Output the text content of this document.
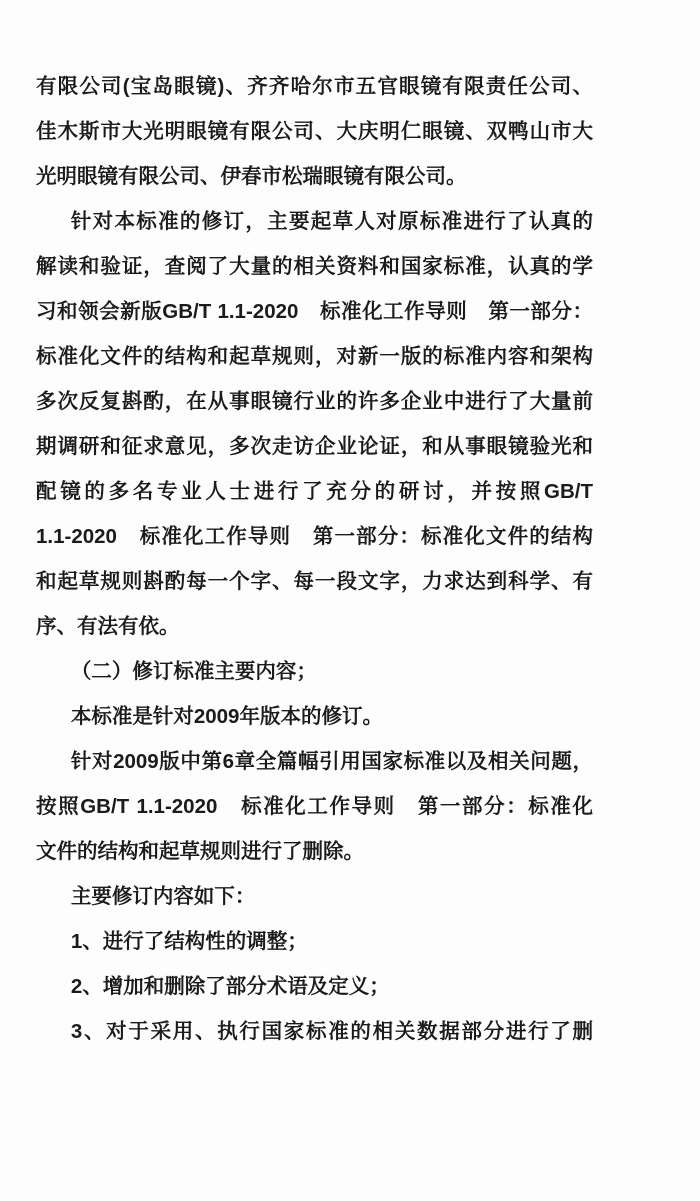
有限公司(宝岛眼镜)、齐齐哈尔市五官眼镜有限责任公司、
佳木斯市大光明眼镜有限公司、大庆明仁眼镜、双鸭山市大
光明眼镜有限公司、伊春市松瑞眼镜有限公司。
针对本标准的修订，主要起草人对原标准进行了认真的
解读和验证，查阅了大量的相关资料和国家标准，认真的学
习和领会新版GB/T 1.1-2020　标准化工作导则　第一部分：
标准化文件的结构和起草规则，对新一版的标准内容和架构
多次反复斟酌，在从事眼镜行业的许多企业中进行了大量前
期调研和征求意见，多次走访企业论证，和从事眼镜验光和
配镜的多名专业人士进行了充分的研讨，并按照GB/T
1.1-2020　标准化工作导则　第一部分：标准化文件的结构
和起草规则斟酌每一个字、每一段文字，力求达到科学、有
序、有法有依。
（二）修订标准主要内容；
本标准是针对2009年版本的修订。
针对2009版中第6章全篇幅引用国家标准以及相关问题，
按照GB/T 1.1-2020　标准化工作导则　第一部分：标准化
文件的结构和起草规则进行了删除。
主要修订内容如下：
1、进行了结构性的调整；
2、增加和删除了部分术语及定义；
3、对于采用、执行国家标准的相关数据部分进行了删
